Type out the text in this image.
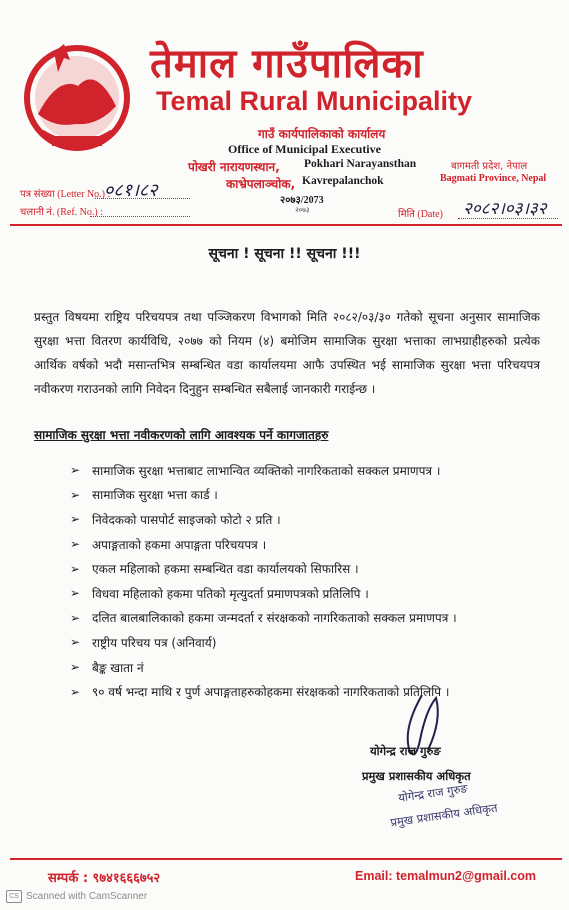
तेमाल गाउँपालिका
Temal Rural Municipality
गाउँ कार्यपालिकाको कार्यालय
Office of Municipal Executive
पोखरी नारायणस्थान, Pokhari Narayansthan
काभ्रेपलाञ्चोक, Kavrepalanchok
२०७३/2073
२०७३
बागमती प्रदेश, नेपाल
Bagmati Province, Nepal
पत्र संख्या (Letter No.) :
०८१।८२
चलानी नं. (Ref. No.) :	मिति (Date) २०८२।०३।३२
सूचना ! सूचना !! सूचना !!!
प्रस्तुत विषयमा राष्ट्रिय परिचयपत्र तथा पञ्जिकरण विभागको मिति २०८२/०३/३० गतेको सूचना अनुसार सामाजिक सुरक्षा भत्ता वितरण कार्यविधि, २०७७ को नियम (४) बमोजिम सामाजिक सुरक्षा भत्ताका लाभग्राहीहरुको प्रत्येक आर्थिक वर्षको भदौ मसान्तभित्र सम्बन्धित वडा कार्यालयमा आफै उपस्थित भई सामाजिक सुरक्षा भत्ता परिचयपत्र नवीकरण गराउनको लागि निवेदन दिनुहुन सम्बन्धित सबैलाई जानकारी गराईन्छ ।
सामाजिक सुरक्षा भत्ता नवीकरणको लागि आवश्यक पर्ने कागजातहरु
➢ सामाजिक सुरक्षा भत्ताबाट लाभान्वित व्यक्तिको नागरिकताको सक्कल प्रमाणपत्र ।
➢ सामाजिक सुरक्षा भत्ता कार्ड ।
➢ निवेदकको पासपोर्ट साइजको फोटो २ प्रति ।
➢ अपाङ्गताको हकमा अपाङ्गता परिचयपत्र ।
➢ एकल महिलाको हकमा सम्बन्धित वडा कार्यालयको सिफारिस ।
➢ विधवा महिलाको हकमा पतिको मृत्युदर्ता प्रमाणपत्रको प्रतिलिपि ।
➢ दलित बालबालिकाको हकमा जन्मदर्ता र संरक्षकको नागरिकताको सक्कल प्रमाणपत्र ।
➢ राष्ट्रीय परिचय पत्र (अनिवार्य)
➢ बैङ्क खाता नं
➢ ९० वर्ष भन्दा माथि र पुर्ण अपाङ्गताहरुकोहकमा संरक्षकको नागरिकताको प्रतिलिपि ।
योगेन्द्र राज गुरुङ
प्रमुख प्रशासकीय अधिकृत
योगेन्द्र राज गुरुङ
प्रमुख प्रशासकीय अधिकृत
सम्पर्क : ९७४१६६६७५२	Email: temalmun2@gmail.com
CS Scanned with CamScanner
